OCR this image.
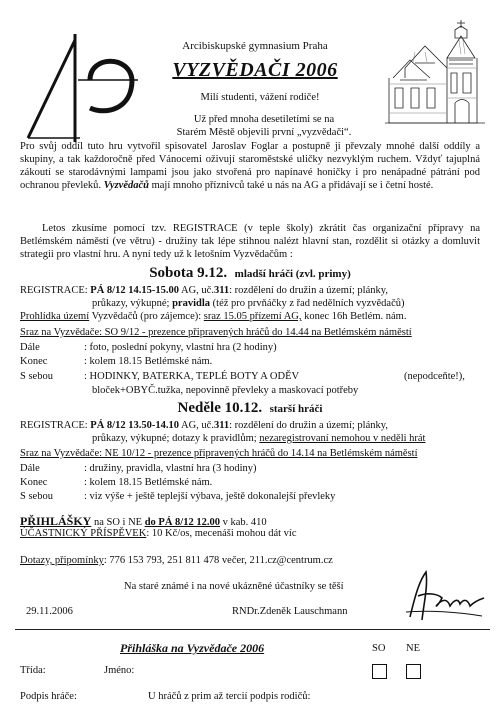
Arcibiskupské gymnasium Praha
VYZVĚDAČI 2006
Milí studenti, vážení rodiče!
Už před mnoha desetiletími se na
Starém Městě objevili první „vyzvědači“.
Pro svůj oddíl tuto hru vytvořil spisovatel Jaroslav Foglar a postupně ji převzaly mnohé další oddíly a skupiny, a tak každoročně před Vánocemi oživují staroměstské uličky nezvyklým ruchem. Vždyť tajuplná zákoutí se starodávnými lampami jsou jako stvořená pro napínavé honičky i pro nenápadné pátrání pod ochranou převleků. Vyzvědačů mají mnoho příznivců také u nás na AG a přidávají se i četní hosté.
Letos zkusíme pomocí tzv. REGISTRACE (v teple školy) zkrátit čas organizační přípravy na Betlémském náměstí (ve větru) - družiny tak lépe stihnou nalézt hlavní stan, rozdělit si otázky a domluvit strategii pro vlastní hru. A nyní tedy už k letošním Vyzvědačům :
Sobota 9.12. mladší hráči (zvl. primy)
REGISTRACE: PÁ 8/12 14.15-15.00 AG, uč.311: rozdělení do družin a území; plánky,
průkazy, výkupné; pravidla (též pro prvňáčky z řad nedělních vyzvědačů)
Prohlídka území Vyzvědačů (pro zájemce): sraz 15.05 přízemí AG, konec 16h Betlém. nám.
Sraz na Vyzvědače: SO 9/12 - prezence připravených hráčů do 14.44 na Betlémském náměstí
Dále	: foto, poslední pokyny, vlastní hra (2 hodiny)
Konec	: kolem 18.15 Betlémské nám.
S sebou	: HODINKY, BATERKA, TEPLÉ BOTY A ODĚV	(nepodceňte!),
bloček+OBYČ.tužka, nepovinně převleky a maskovací potřeby
Neděle 10.12. starší hráči
REGISTRACE: PÁ 8/12 13.50-14.10 AG, uč.311: rozdělení do družin a území; plánky,
průkazy, výkupné; dotazy k pravidlům; nezaregistrovaní nemohou v neděli hrát
Sraz na Vyzvědače: NE 10/12 - prezence připravených hráčů do 14.14 na Betlémském náměstí
Dále	: družiny, pravidla, vlastní hra (3 hodiny)
Konec	: kolem 18.15 Betlémské nám.
S sebou	: viz výše + ještě teplejší výbava, ještě dokonalejší převleky
PŘIHLÁŠKY na SO i NE do PÁ 8/12 12.00 v kab. 410
ÚČASTNICKÝ PŘÍSPĚVEK: 10 Kč/os, mecenáši mohou dát víc
Dotazy, připomínky: 776 153 793, 251 811 478 večer, 211.cz@centrum.cz
Na staré známé i na nové ukázněné účastníky se těší
29.11.2006	RNDr.Zdeněk Lauschmann
Přihláška na Vyzvědače 2006	SO NE
Třída:	Jméno:
Podpis hráče:	U hráčů z prim až tercií podpis rodičů:
